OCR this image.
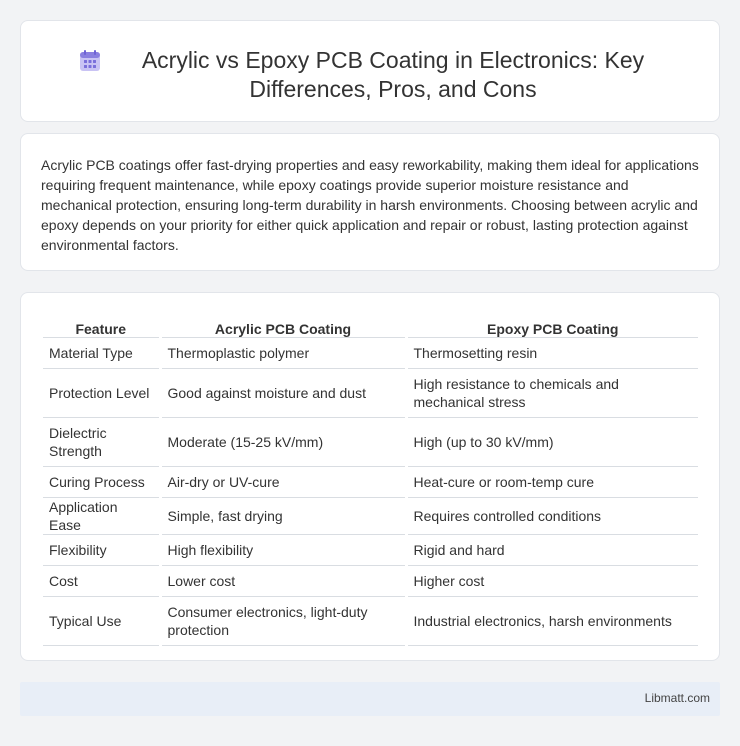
Acrylic vs Epoxy PCB Coating in Electronics: Key Differences, Pros, and Cons

Acrylic PCB coatings offer fast-drying properties and easy reworkability, making them ideal for applications requiring frequent maintenance, while epoxy coatings provide superior moisture resistance and mechanical protection, ensuring long-term durability in harsh environments. Choosing between acrylic and epoxy depends on your priority for either quick application and repair or robust, lasting protection against environmental factors.

Feature	Acrylic PCB Coating	Epoxy PCB Coating
Material Type	Thermoplastic polymer	Thermosetting resin
Protection Level	Good against moisture and dust	High resistance to chemicals and mechanical stress
Dielectric Strength	Moderate (15-25 kV/mm)	High (up to 30 kV/mm)
Curing Process	Air-dry or UV-cure	Heat-cure or room-temp cure
Application Ease	Simple, fast drying	Requires controlled conditions
Flexibility	High flexibility	Rigid and hard
Cost	Lower cost	Higher cost
Typical Use	Consumer electronics, light-duty protection	Industrial electronics, harsh environments
Libmatt.com
